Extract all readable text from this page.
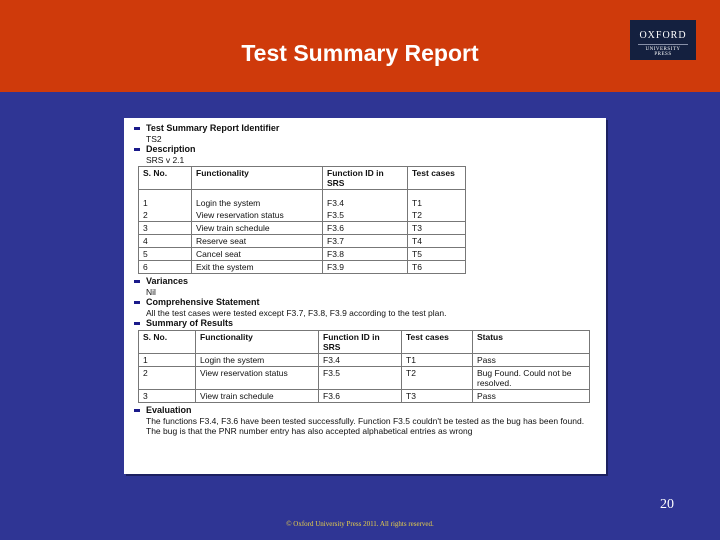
Test Summary Report
OXFORD
UNIVERSITY PRESS
Test Summary Report Identifier
TS2
Description
SRS v 2.1
S. No.	Functionality	Function ID in SRS	Test cases
1	Login the system	F3.4	T1
2	View reservation status	F3.5	T2
3	View train schedule	F3.6	T3
4	Reserve seat	F3.7	T4
5	Cancel seat	F3.8	T5
6	Exit the system	F3.9	T6
Variances
Nil
Comprehensive Statement
All the test cases were tested except F3.7, F3.8, F3.9 according to the test plan.
Summary of Results
S. No.	Functionality	Function ID in SRS	Test cases	Status
1	Login the system	F3.4	T1	Pass
2	View reservation status	F3.5	T2	Bug Found. Could not be resolved.
3	View train schedule	F3.6	T3	Pass
Evaluation
The functions F3.4, F3.6 have been tested successfully. Function F3.5 couldn't be tested as the bug has been found. The bug is that the PNR number entry has also accepted alphabetical entries as wrong
20
© Oxford University Press 2011. All rights reserved.
